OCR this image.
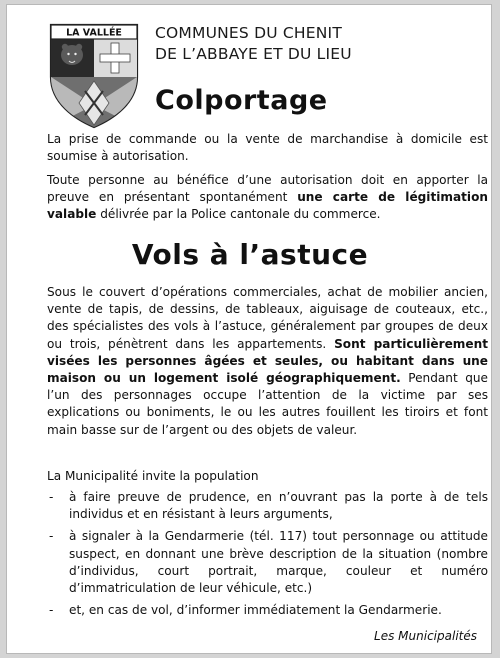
LA VALLÉE COMMUNES DU CHENIT
DE L’ABBAYE ET DU LIEU
Colportage
La prise de commande ou la vente de marchandise à domicile est soumise à autorisation.
Toute personne au bénéfice d’une autorisation doit en apporter la preuve en présentant spontanément une carte de légitimation valable délivrée par la Police cantonale du commerce.
Vols à l’astuce
Sous le couvert d’opérations commerciales, achat de mobilier ancien, vente de tapis, de dessins, de tableaux, aiguisage de couteaux, etc., des spécialistes des vols à l’astuce, généralement par groupes de deux ou trois, pénètrent dans les appartements. Sont particulièrement visées les personnes âgées et seules, ou habitant dans une maison ou un logement isolé géographiquement. Pendant que l’un des personnages occupe l’attention de la victime par ses explications ou boniments, le ou les autres fouillent les tiroirs et font main basse sur de l’argent ou des objets de valeur.
La Municipalité invite la population
- à faire preuve de prudence, en n’ouvrant pas la porte à de tels individus et en résistant à leurs arguments,
- à signaler à la Gendarmerie (tél. 117) tout personnage ou attitude suspect, en donnant une brève description de la situation (nombre d’individus, court portrait, marque, couleur et numéro d’immatriculation de leur véhicule, etc.)
- et, en cas de vol, d’informer immédiatement la Gendarmerie.
Les Municipalités
